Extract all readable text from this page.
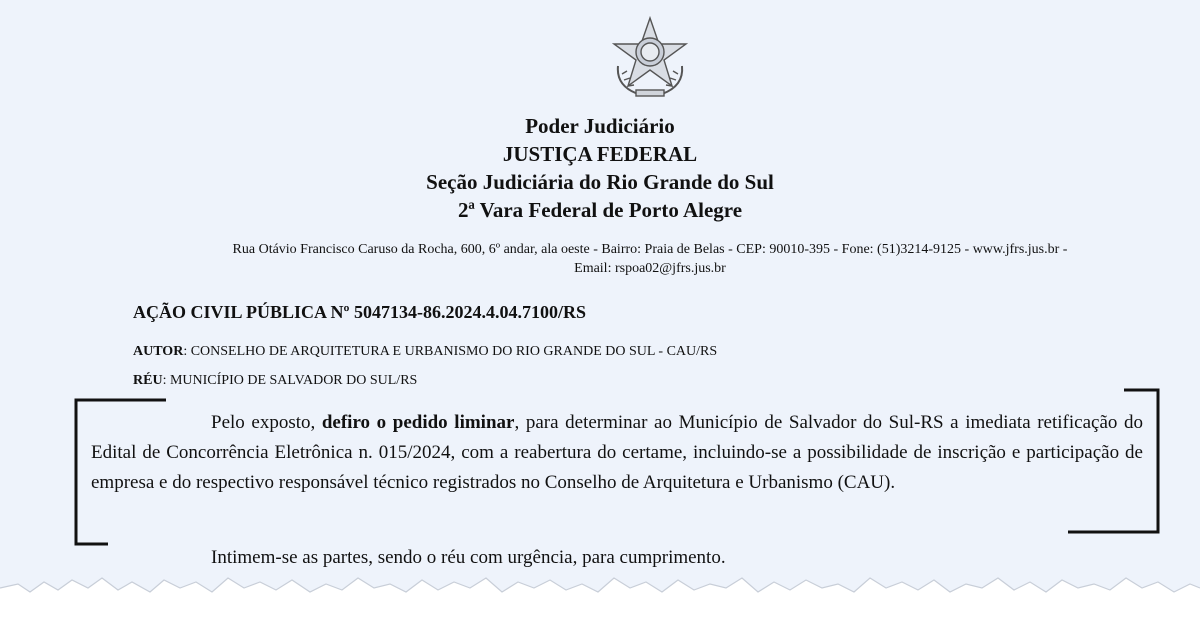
Poder Judiciário
JUSTIÇA FEDERAL
Seção Judiciária do Rio Grande do Sul
2ª Vara Federal de Porto Alegre
Rua Otávio Francisco Caruso da Rocha, 600, 6º andar, ala oeste - Bairro: Praia de Belas - CEP: 90010-395 - Fone: (51)3214-9125 - www.jfrs.jus.br -
Email: rspoa02@jfrs.jus.br
AÇÃO CIVIL PÚBLICA Nº 5047134-86.2024.4.04.7100/RS
AUTOR: CONSELHO DE ARQUITETURA E URBANISMO DO RIO GRANDE DO SUL - CAU/RS
RÉU: MUNICÍPIO DE SALVADOR DO SUL/RS
Pelo exposto, defiro o pedido liminar, para determinar ao Município de Salvador do Sul-RS a imediata retificação do Edital de Concorrência Eletrônica n. 015/2024, com a reabertura do certame, incluindo-se a possibilidade de inscrição e participação de empresa e do respectivo responsável técnico registrados no Conselho de Arquitetura e Urbanismo (CAU).
Intimem-se as partes, sendo o réu com urgência, para cumprimento.
